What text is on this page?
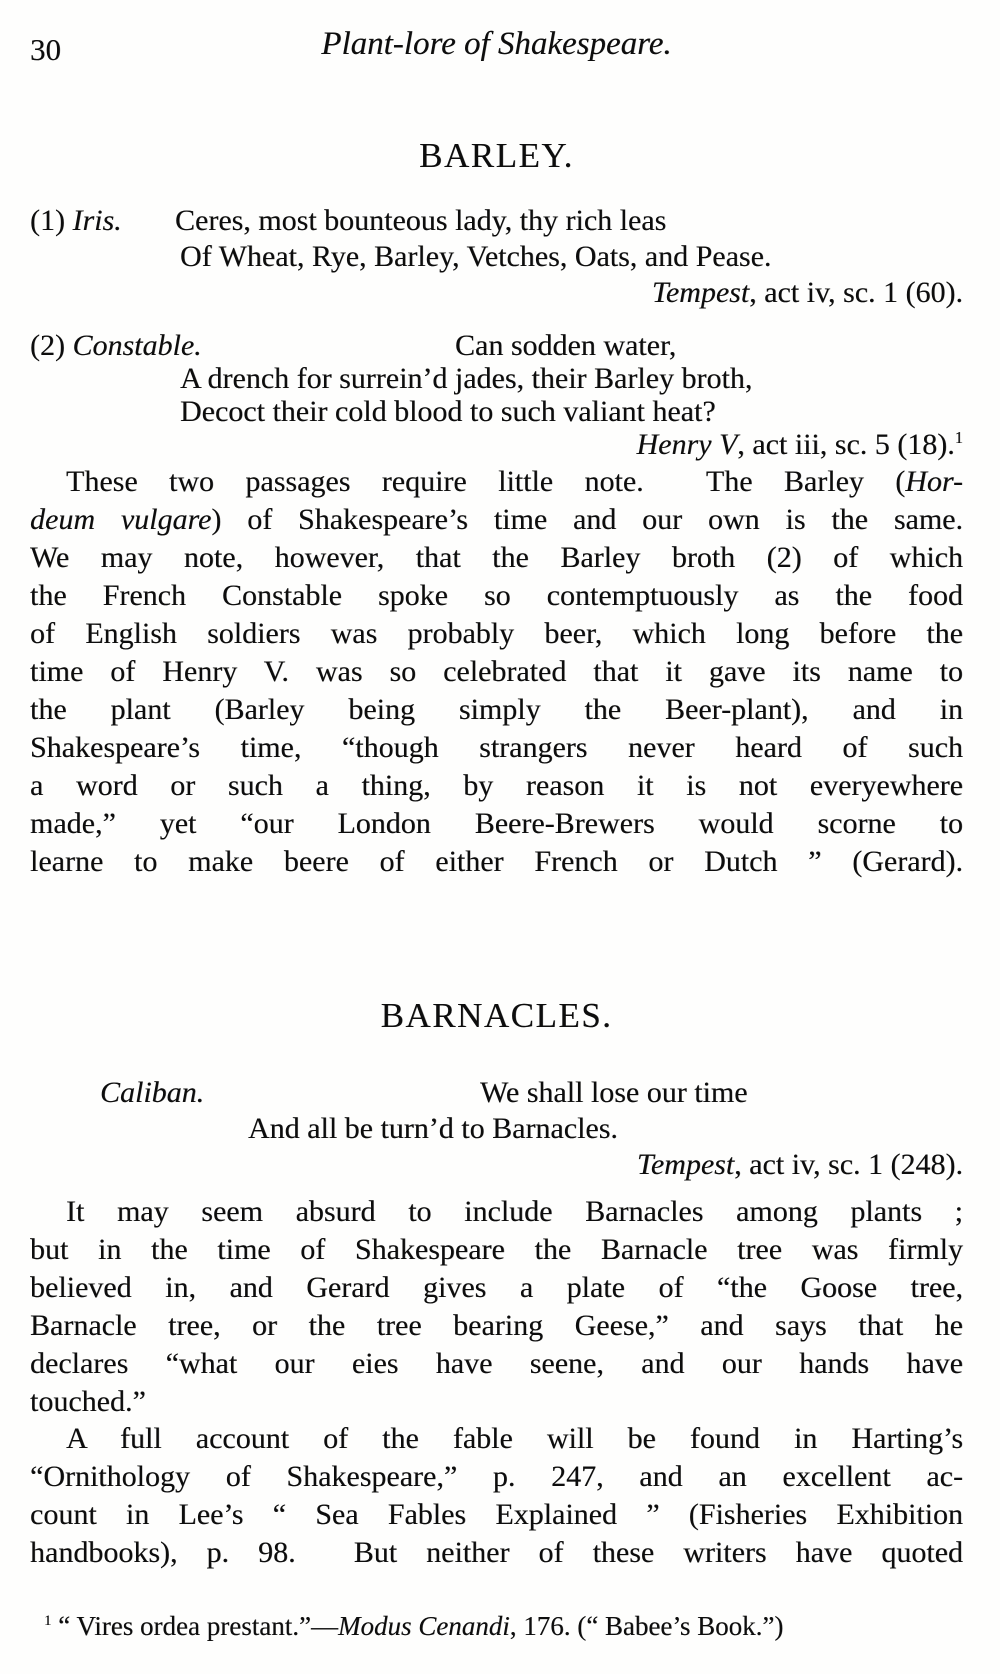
30	Plant-lore of Shakespeare.
BARLEY.
(1) Iris. Ceres, most bounteous lady, thy rich leas
Of Wheat, Rye, Barley, Vetches, Oats, and Pease.
Tempest, act iv, sc. 1 (60).
(2) Constable.	Can sodden water,
A drench for surrein’d jades, their Barley broth,
Decoct their cold blood to such valiant heat?
Henry V, act iii, sc. 5 (18).$^1$
These two passages require little note.  The Barley (Hor-
deum vulgare) of Shakespeare’s time and our own is the same.
We may note, however, that the Barley broth (2) of which
the French Constable spoke so contemptuously as the food
of English soldiers was probably beer, which long before the
time of Henry V. was so celebrated that it gave its name to
the plant (Barley being simply the Beer-plant), and in
Shakespeare’s time, “though strangers never heard of such
a word or such a thing, by reason it is not everyewhere
made,” yet “our London Beere-Brewers would scorne to
learne to make beere of either French or Dutch ” (Gerard).
BARNACLES.
Caliban.	We shall lose our time
And all be turn’d to Barnacles.
Tempest, act iv, sc. 1 (248).
It may seem absurd to include Barnacles among plants ;
but in the time of Shakespeare the Barnacle tree was firmly
believed in, and Gerard gives a plate of “the Goose tree,
Barnacle tree, or the tree bearing Geese,” and says that he
declares “what our eies have seene, and our hands have
touched.”
A full account of the fable will be found in Harting’s
“Ornithology of Shakespeare,” p. 247, and an excellent ac-
count in Lee’s “ Sea Fables Explained ” (Fisheries Exhibition
handbooks), p. 98.  But neither of these writers have quoted
$^1$ “ Vires ordea prestant.”—Modus Cenandi, 176. (“ Babee’s Book.”)
